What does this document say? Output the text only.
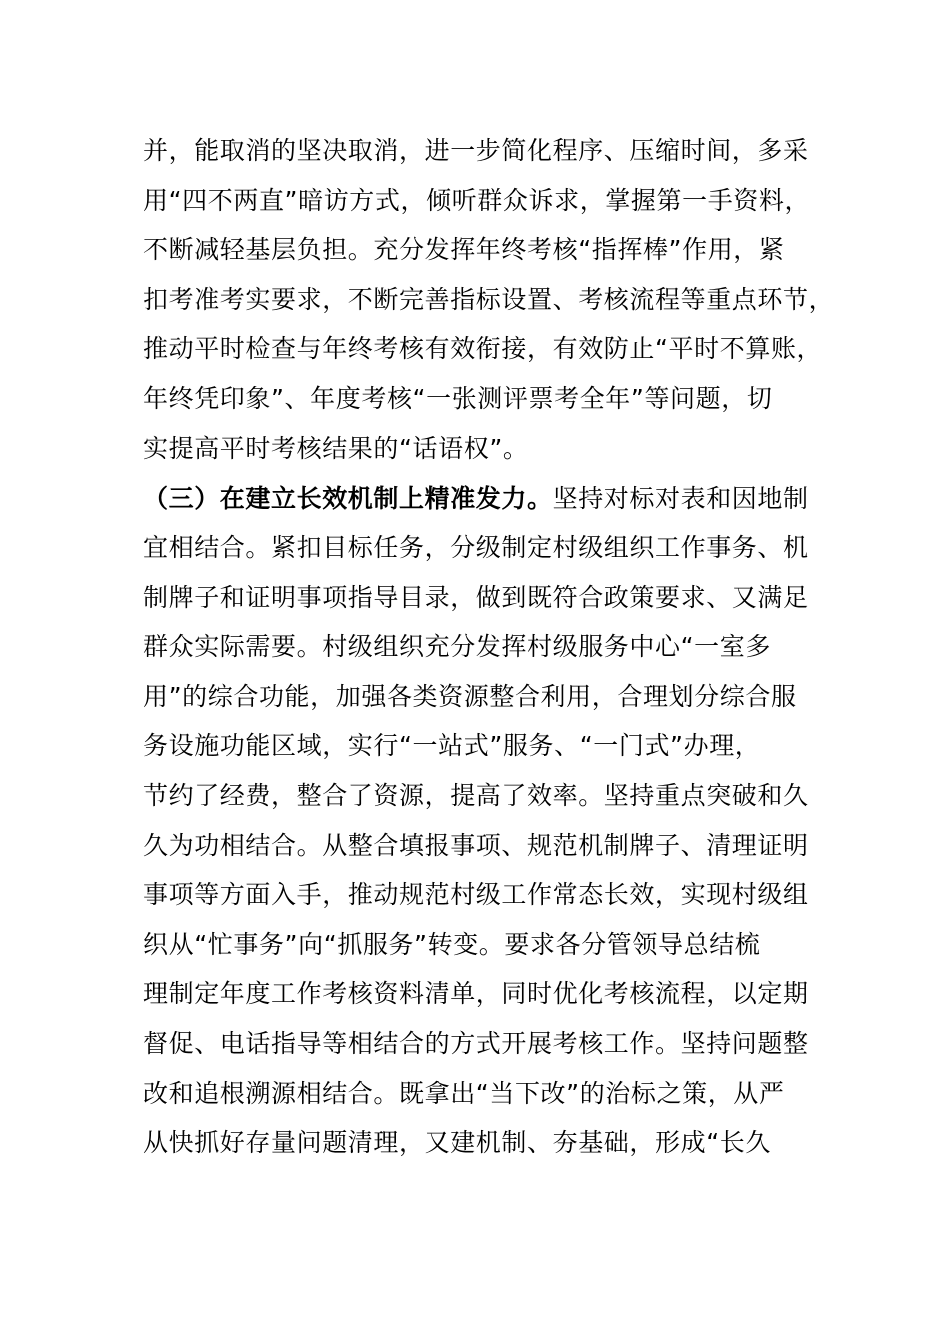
并，能取消的坚决取消，进一步简化程序、压缩时间，多采
用“四不两直”暗访方式，倾听群众诉求，掌握第一手资料，
不断减轻基层负担。充分发挥年终考核“指挥棒”作用，紧
扣考准考实要求，不断完善指标设置、考核流程等重点环节，
推动平时检查与年终考核有效衔接，有效防止“平时不算账，
年终凭印象”、年度考核“一张测评票考全年”等问题，切
实提高平时考核结果的“话语权”。
（三）在建立长效机制上精准发力。坚持对标对表和因地制
宜相结合。紧扣目标任务，分级制定村级组织工作事务、机
制牌子和证明事项指导目录，做到既符合政策要求、又满足
群众实际需要。村级组织充分发挥村级服务中心“一室多
用”的综合功能，加强各类资源整合利用，合理划分综合服
务设施功能区域，实行“一站式”服务、“一门式”办理，
节约了经费，整合了资源，提高了效率。坚持重点突破和久
久为功相结合。从整合填报事项、规范机制牌子、清理证明
事项等方面入手，推动规范村级工作常态长效，实现村级组
织从“忙事务”向“抓服务”转变。要求各分管领导总结梳
理制定年度工作考核资料清单，同时优化考核流程，以定期
督促、电话指导等相结合的方式开展考核工作。坚持问题整
改和追根溯源相结合。既拿出“当下改”的治标之策，从严
从快抓好存量问题清理，又建机制、夯基础，形成“长久
